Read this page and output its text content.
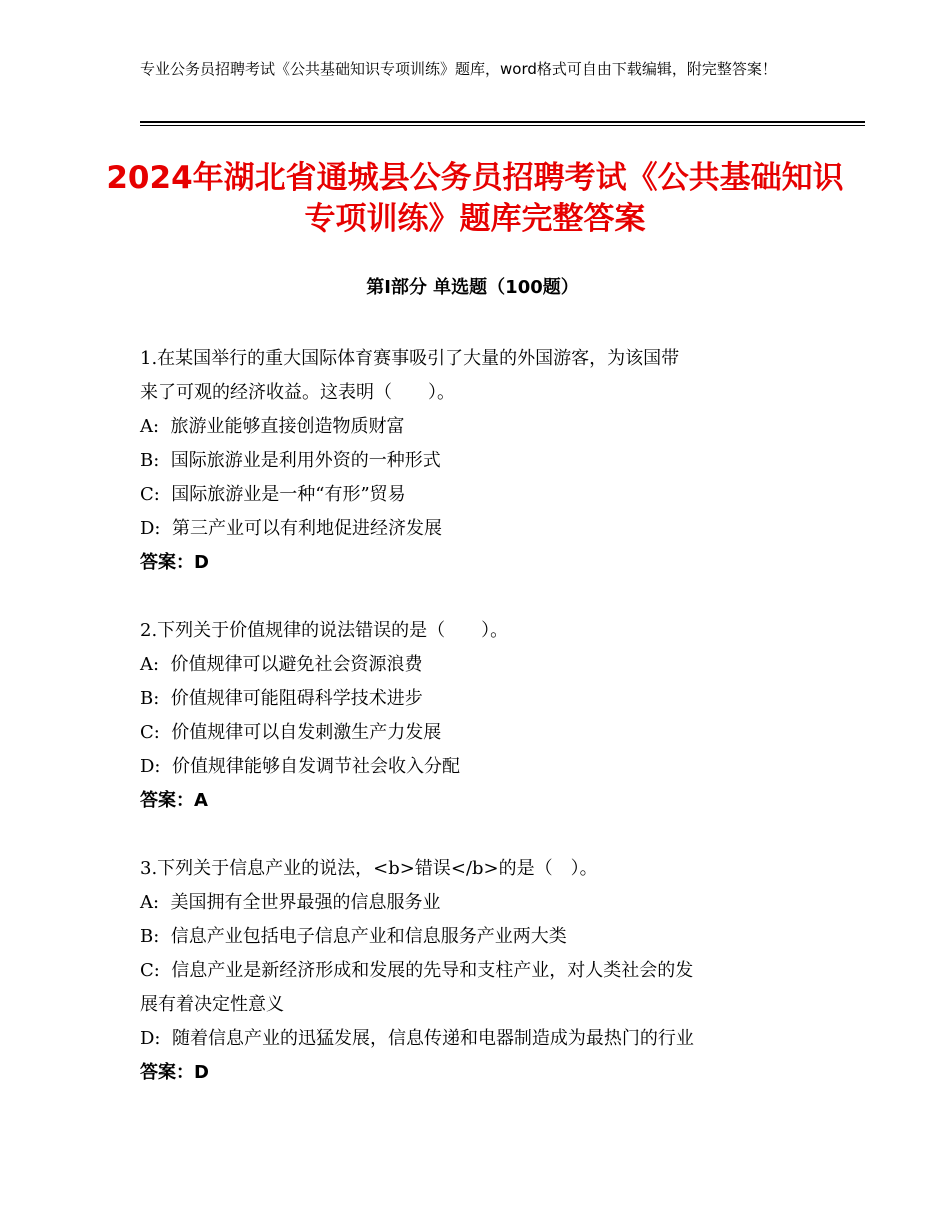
专业公务员招聘考试《公共基础知识专项训练》题库，word格式可自由下载编辑，附完整答案！
2024年湖北省通城县公务员招聘考试《公共基础知识专项训练》题库完整答案
第Ⅰ部分 单选题（100题）
1.在某国举行的重大国际体育赛事吸引了大量的外国游客，为该国带
来了可观的经济收益。这表明（　　）。
A:  旅游业能够直接创造物质财富
B:  国际旅游业是利用外资的一种形式
C:  国际旅游业是一种“有形”贸易
D:  第三产业可以有利地促进经济发展
答案：D
2.下列关于价值规律的说法错误的是（　　）。
A:  价值规律可以避免社会资源浪费
B:  价值规律可能阻碍科学技术进步
C:  价值规律可以自发刺激生产力发展
D:  价值规律能够自发调节社会收入分配
答案：A
3.下列关于信息产业的说法，<b>错误</b>的是（　）。
A:  美国拥有全世界最强的信息服务业
B:  信息产业包括电子信息产业和信息服务产业两大类
C:  信息产业是新经济形成和发展的先导和支柱产业，对人类社会的发
展有着决定性意义
D:  随着信息产业的迅猛发展，信息传递和电器制造成为最热门的行业
答案：D
